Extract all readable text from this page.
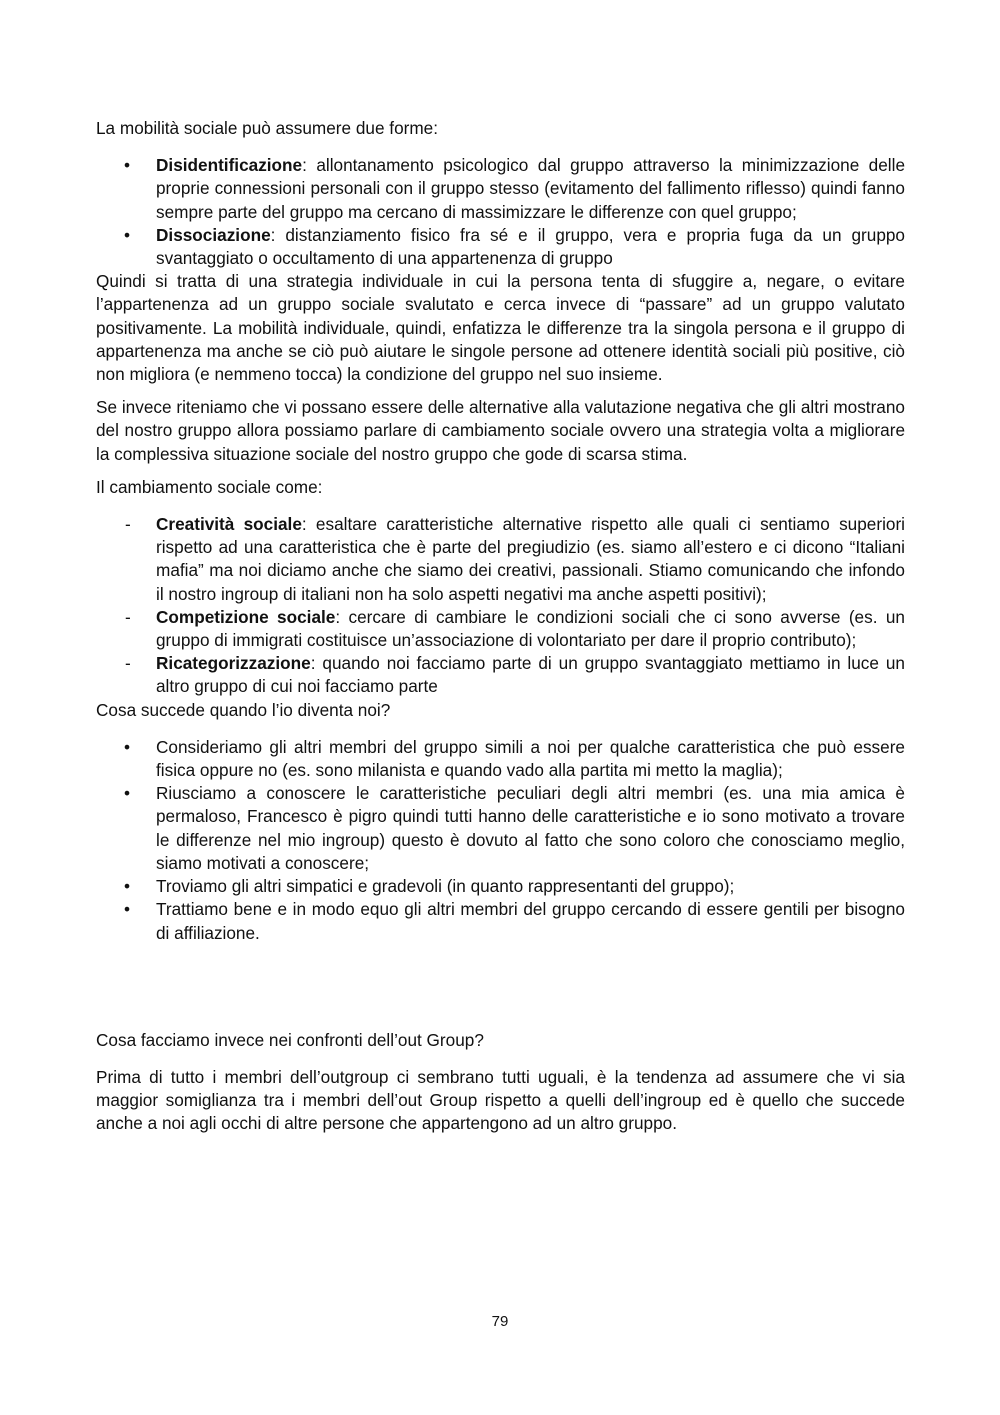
La mobilità sociale può assumere due forme:

• Disidentificazione: allontanamento psicologico dal gruppo attraverso la minimizzazione delle proprie connessioni personali con il gruppo stesso (evitamento del fallimento riflesso) quindi fanno sempre parte del gruppo ma cercano di massimizzare le differenze con quel gruppo;
• Dissociazione: distanziamento fisico fra sé e il gruppo, vera e propria fuga da un gruppo svantaggiato o occultamento di una appartenenza di gruppo

Quindi si tratta di una strategia individuale in cui la persona tenta di sfuggire a, negare, o evitare l’appartenenza ad un gruppo sociale svalutato e cerca invece di “passare” ad un gruppo valutato positivamente. La mobilità individuale, quindi, enfatizza le differenze tra la singola persona e il gruppo di appartenenza ma anche se ciò può aiutare le singole persone ad ottenere identità sociali più positive, ciò non migliora (e nemmeno tocca) la condizione del gruppo nel suo insieme.

Se invece riteniamo che vi possano essere delle alternative alla valutazione negativa che gli altri mostrano del nostro gruppo allora possiamo parlare di cambiamento sociale ovvero una strategia volta a migliorare la complessiva situazione sociale del nostro gruppo che gode di scarsa stima.

Il cambiamento sociale come:

- Creatività sociale: esaltare caratteristiche alternative rispetto alle quali ci sentiamo superiori rispetto ad una caratteristica che è parte del pregiudizio (es. siamo all’estero e ci dicono “Italiani mafia” ma noi diciamo anche che siamo dei creativi, passionali. Stiamo comunicando che infondo il nostro ingroup di italiani non ha solo aspetti negativi ma anche aspetti positivi);
- Competizione sociale: cercare di cambiare le condizioni sociali che ci sono avverse (es. un gruppo di immigrati costituisce un’associazione di volontariato per dare il proprio contributo);
- Ricategorizzazione: quando noi facciamo parte di un gruppo svantaggiato mettiamo in luce un altro gruppo di cui noi facciamo parte

Cosa succede quando l’io diventa noi?

• Consideriamo gli altri membri del gruppo simili a noi per qualche caratteristica che può essere fisica oppure no (es. sono milanista e quando vado alla partita mi metto la maglia);
• Riusciamo a conoscere le caratteristiche peculiari degli altri membri (es. una mia amica è permaloso, Francesco è pigro quindi tutti hanno delle caratteristiche e io sono motivato a trovare le differenze nel mio ingroup) questo è dovuto al fatto che sono coloro che conosciamo meglio, siamo motivati a conoscere;
• Troviamo gli altri simpatici e gradevoli (in quanto rappresentanti del gruppo);
• Trattiamo bene e in modo equo gli altri membri del gruppo cercando di essere gentili per bisogno di affiliazione.

Cosa facciamo invece nei confronti dell’out Group?

Prima di tutto i membri dell’outgroup ci sembrano tutti uguali, è la tendenza ad assumere che vi sia maggior somiglianza tra i membri dell’out Group rispetto a quelli dell’ingroup ed è quello che succede anche a noi agli occhi di altre persone che appartengono ad un altro gruppo.

79
